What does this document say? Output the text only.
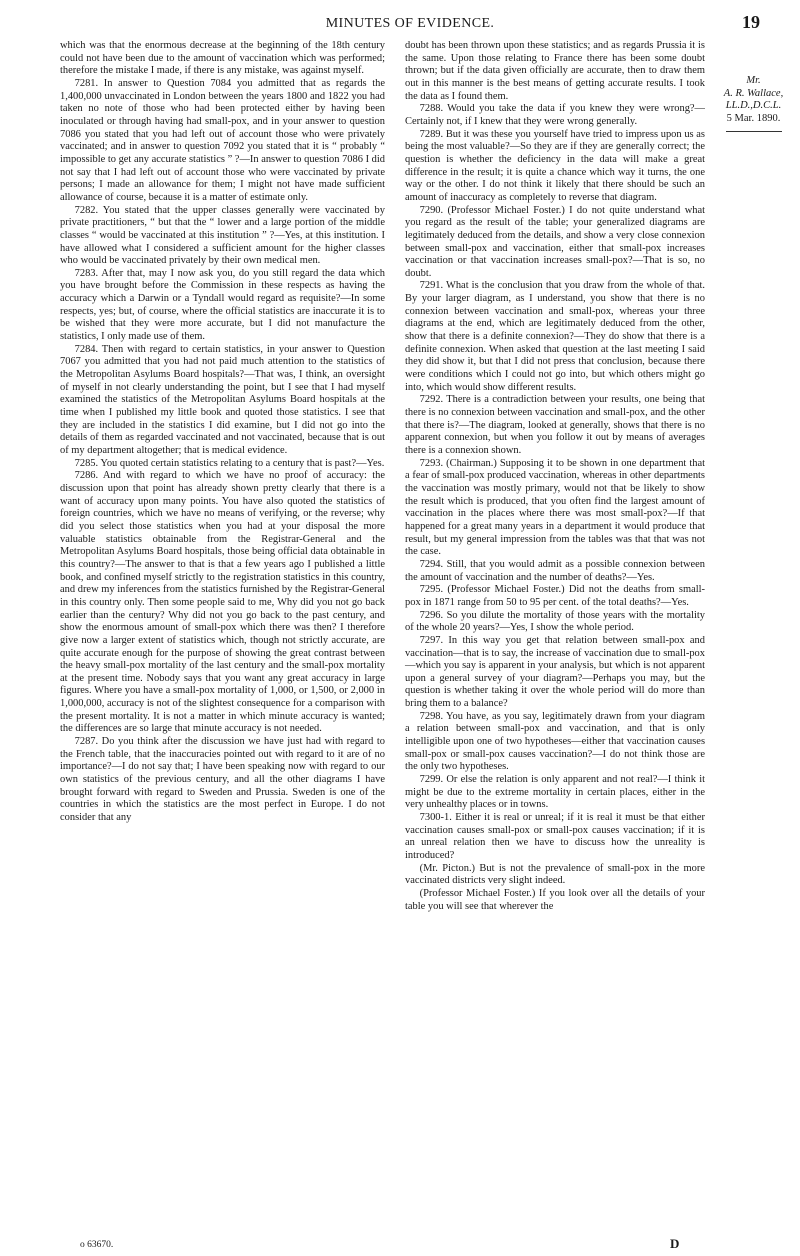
MINUTES OF EVIDENCE.	19

which was that the enormous decrease at the beginning of the 18th century could not have been due to the amount of vaccination which was performed; therefore the mistake I made, if there is any mistake, was against myself.

7281. In answer to Question 7084 you admitted that as regards the 1,400,000 unvaccinated in London between the years 1800 and 1822 you had taken no note of those who had been protected either by having been inoculated or through having had small-pox, and in your answer to question 7086 you stated that you had left out of account those who were privately vaccinated; and in answer to question 7092 you stated that it is “ probably “ impossible to get any accurate statistics ” ?—In answer to question 7086 I did not say that I had left out of account those who were vaccinated by private persons; I made an allowance for them; I might not have made sufficient allowance of course, because it is a matter of estimate only.

7282. You stated that the upper classes generally were vaccinated by private practitioners, “ but that the “ lower and a large portion of the middle classes “ would be vaccinated at this institution ” ?—Yes, at this institution. I have allowed what I considered a sufficient amount for the higher classes who would be vaccinated privately by their own medical men.

7283. After that, may I now ask you, do you still regard the data which you have brought before the Commission in these respects as having the accuracy which a Darwin or a Tyndall would regard as requisite?—In some respects, yes; but, of course, where the official statistics are inaccurate it is to be wished that they were more accurate, but I did not manufacture the statistics, I only made use of them.

7284. Then with regard to certain statistics, in your answer to Question 7067 you admitted that you had not paid much attention to the statistics of the Metropolitan Asylums Board hospitals?—That was, I think, an oversight of myself in not clearly understanding the point, but I see that I had myself examined the statistics of the Metropolitan Asylums Board hospitals at the time when I published my little book and quoted those statistics. I see that they are included in the statistics I did examine, but I did not go into the details of them as regarded vaccinated and not vaccinated, because that is out of my department altogether; that is medical evidence.

7285. You quoted certain statistics relating to a century that is past?—Yes.

7286. And with regard to which we have no proof of accuracy: the discussion upon that point has already shown pretty clearly that there is a want of accuracy upon many points. You have also quoted the statistics of foreign countries, which we have no means of verifying, or the reverse; why did you select those statistics when you had at your disposal the more valuable statistics obtainable from the Registrar-General and the Metropolitan Asylums Board hospitals, those being official data obtainable in this country?—The answer to that is that a few years ago I published a little book, and confined myself strictly to the registration statistics in this country, and drew my inferences from the statistics furnished by the Registrar-General in this country only. Then some people said to me, Why did you not go back earlier than the century? Why did not you go back to the past century, and show the enormous amount of small-pox which there was then? I therefore give now a larger extent of statistics which, though not strictly accurate, are quite accurate enough for the purpose of showing the great contrast between the heavy small-pox mortality of the last century and the small-pox mortality at the present time. Nobody says that you want any great accuracy in large figures. Where you have a small-pox mortality of 1,000, or 1,500, or 2,000 in 1,000,000, accuracy is not of the slightest consequence for a comparison with the present mortality. It is not a matter in which minute accuracy is wanted; the differences are so large that minute accuracy is not needed.

7287. Do you think after the discussion we have just had with regard to the French table, that the inaccuracies pointed out with regard to it are of no importance?—I do not say that; I have been speaking now with regard to our own statistics of the previous century, and all the other diagrams I have brought forward with regard to Sweden and Prussia. Sweden is one of the countries in which the statistics are the most perfect in Europe. I do not consider that any

doubt has been thrown upon these statistics; and as regards Prussia it is the same. Upon those relating to France there has been some doubt thrown; but if the data given officially are accurate, then to draw them out in this manner is the best means of getting accurate results. I took the data as I found them.

7288. Would you take the data if you knew they were wrong?—Certainly not, if I knew that they were wrong generally.

7289. But it was these you yourself have tried to impress upon us as being the most valuable?—So they are if they are generally correct; the question is whether the deficiency in the data will make a great difference in the result; it is quite a chance which way it turns, the one way or the other. I do not think it likely that there should be such an amount of inaccuracy as completely to reverse that diagram.

7290. (Professor Michael Foster.) I do not quite understand what you regard as the result of the table; your generalized diagrams are legitimately deduced from the details, and show a very close connexion between small-pox and vaccination, either that small-pox increases vaccination or that vaccination increases small-pox?—That is so, no doubt.

7291. What is the conclusion that you draw from the whole of that. By your larger diagram, as I understand, you show that there is no connexion between vaccination and small-pox, whereas your three diagrams at the end, which are legitimately deduced from the other, show that there is a definite connexion?—They do show that there is a definite connexion. When asked that question at the last meeting I said they did show it, but that I did not press that conclusion, because there were conditions which I could not go into, but which others might go into, which would show different results.

7292. There is a contradiction between your results, one being that there is no connexion between vaccination and small-pox, and the other that there is?—The diagram, looked at generally, shows that there is no apparent connexion, but when you follow it out by means of averages there is a connexion shown.

7293. (Chairman.) Supposing it to be shown in one department that a fear of small-pox produced vaccination, whereas in other departments the vaccination was mostly primary, would not that be likely to show the result which is produced, that you often find the largest amount of vaccination in the places where there was most small-pox?—If that happened for a great many years in a department it would produce that result, but my general impression from the tables was that that was not the case.

7294. Still, that you would admit as a possible connexion between the amount of vaccination and the number of deaths?—Yes.

7295. (Professor Michael Foster.) Did not the deaths from small-pox in 1871 range from 50 to 95 per cent. of the total deaths?—Yes.

7296. So you dilute the mortality of those years with the mortality of the whole 20 years?—Yes, I show the whole period.

7297. In this way you get that relation between small-pox and vaccination—that is to say, the increase of vaccination due to small-pox—which you say is apparent in your analysis, but which is not apparent upon a general survey of your diagram?—Perhaps you may, but the question is whether taking it over the whole period will do more than bring them to a balance?

7298. You have, as you say, legitimately drawn from your diagram a relation between small-pox and vaccination, and that is only intelligible upon one of two hypotheses—either that vaccination causes small-pox or small-pox causes vaccination?—I do not think those are the only two hypotheses.

7299. Or else the relation is only apparent and not real?—I think it might be due to the extreme mortality in certain places, either in the very unhealthy places or in towns.

7300-1. Either it is real or unreal; if it is real it must be that either vaccination causes small-pox or small-pox causes vaccination; if it is an unreal relation then we have to discuss how the unreality is introduced?

(Mr. Picton.) But is not the prevalence of small-pox in the more vaccinated districts very slight indeed.

(Professor Michael Foster.) If you look over all the details of your table you will see that wherever the

Mr.
A. R. Wallace,
LL.D.,D.C.L.
5 Mar. 1890.
o 63670.	D
